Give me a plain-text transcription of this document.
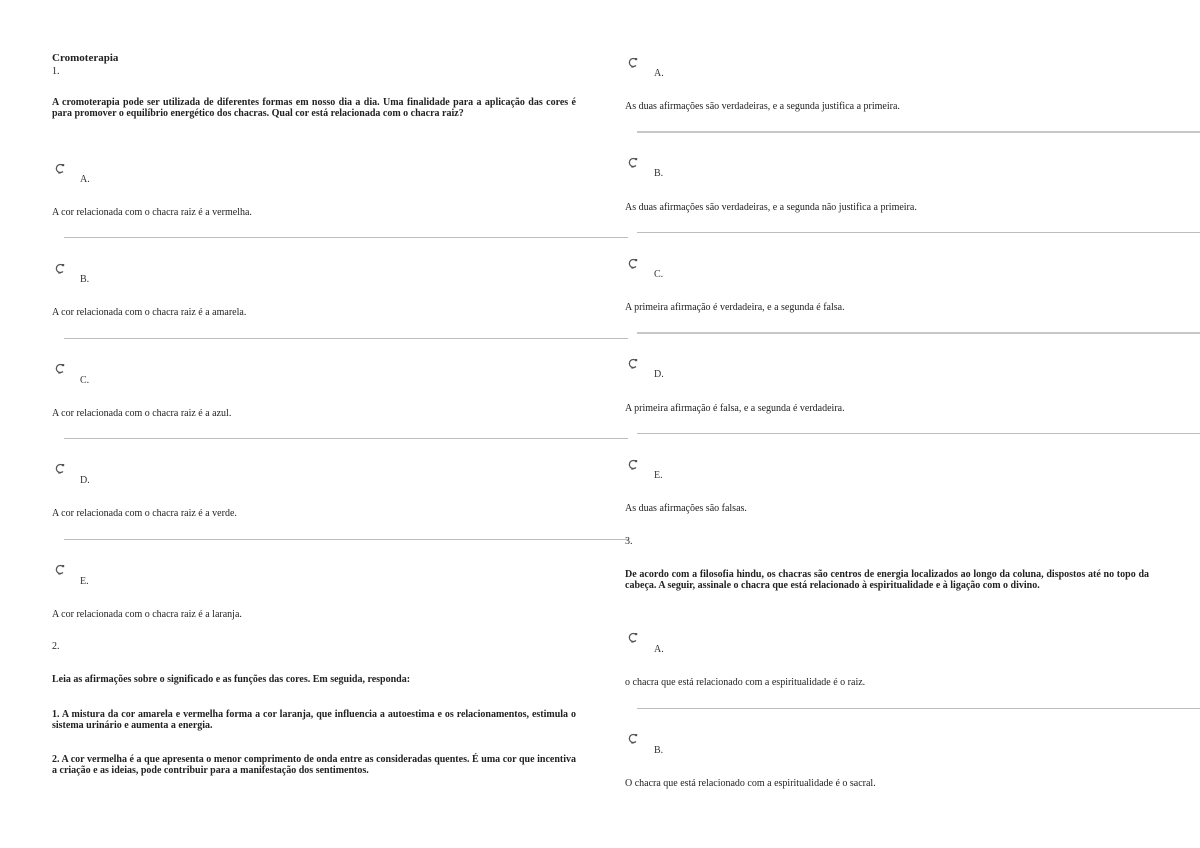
Cromoterapia
1.
A cromoterapia pode ser utilizada de diferentes formas em nosso dia a dia. Uma finalidade para a aplicação das cores é para promover o equilíbrio energético dos chacras. Qual cor está relacionada com o chacra raiz?
A.
A cor relacionada com o chacra raiz é a vermelha.
B.
A cor relacionada com o chacra raiz é a amarela.
C.
A cor relacionada com o chacra raiz é a azul.
D.
A cor relacionada com o chacra raiz é a verde.
E.
A cor relacionada com o chacra raiz é a laranja.
2.
Leia as afirmações sobre o significado e as funções das cores. Em seguida, responda:
1. A mistura da cor amarela e vermelha forma a cor laranja, que influencia a autoestima e os relacionamentos, estimula o sistema urinário e aumenta a energia.
2. A cor vermelha é a que apresenta o menor comprimento de onda entre as consideradas quentes. É uma cor que incentiva a criação e as ideias, pode contribuir para a manifestação dos sentimentos.
A.
As duas afirmações são verdadeiras, e a segunda justifica a primeira.
B.
As duas afirmações são verdadeiras, e a segunda não justifica a primeira.
C.
A primeira afirmação é verdadeira, e a segunda é falsa.
D.
A primeira afirmação é falsa, e a segunda é verdadeira.
E.
As duas afirmações são falsas.
3.
De acordo com a filosofia hindu, os chacras são centros de energia localizados ao longo da coluna, dispostos até no topo da cabeça. A seguir, assinale o chacra que está relacionado à espiritualidade e à ligação com o divino.
A.
o chacra que está relacionado com a espiritualidade é o raiz.
B.
O chacra que está relacionado com a espiritualidade é o sacral.
